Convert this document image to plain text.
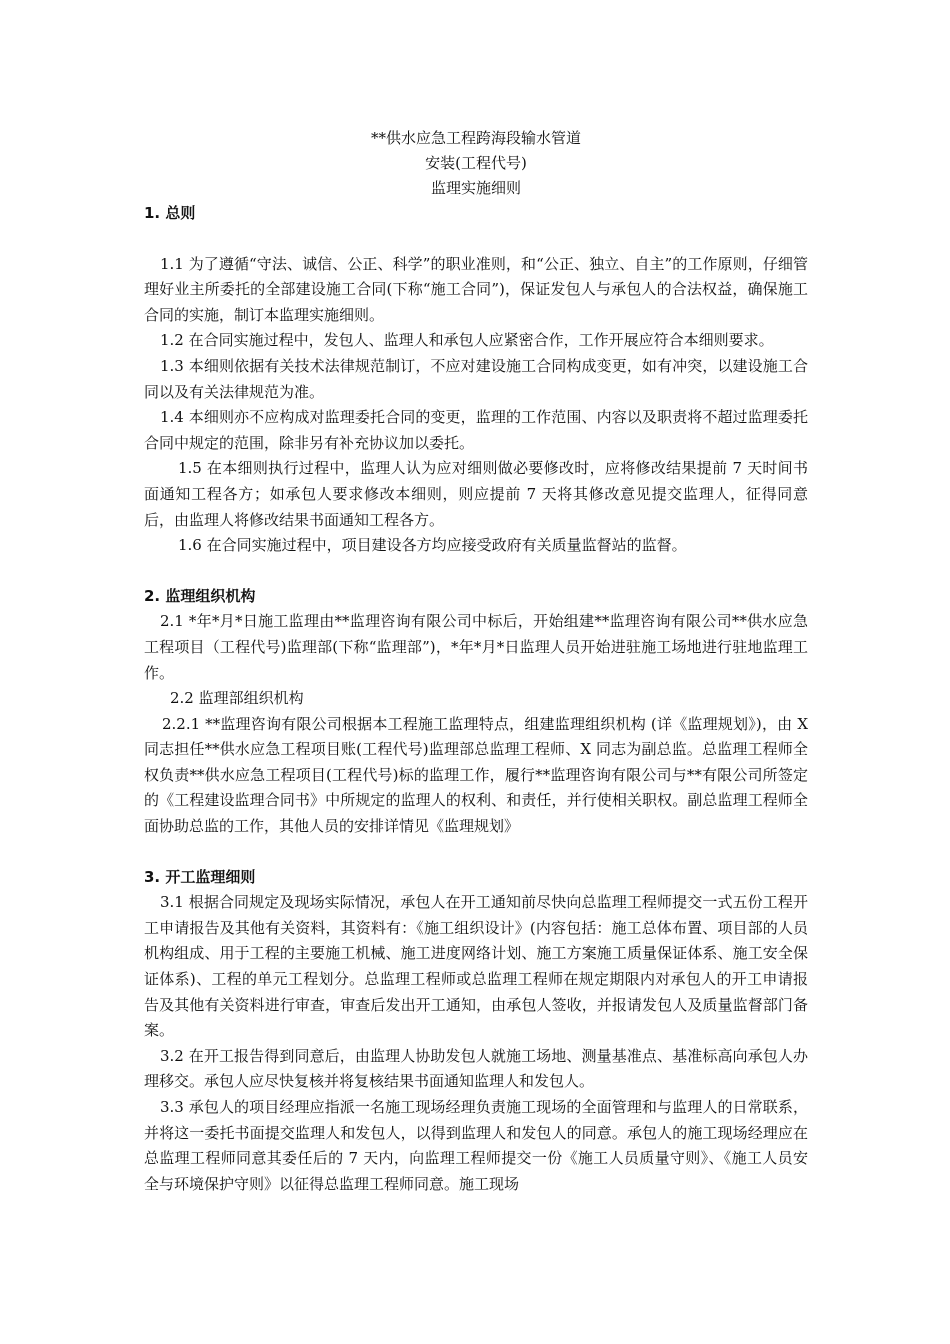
**供水应急工程跨海段输水管道
安装(工程代号)
监理实施细则
1. 总则

1.1 为了遵循“守法、诚信、公正、科学”的职业准则，和“公正、独立、自主”的工作原则，仔细管理好业主所委托的全部建设施工合同(下称“施工合同”)，保证发包人与承包人的合法权益，确保施工合同的实施，制订本监理实施细则。

1.2 在合同实施过程中，发包人、监理人和承包人应紧密合作，工作开展应符合本细则要求。

1.3 本细则依据有关技术法律规范制订，不应对建设施工合同构成变更，如有冲突，以建设施工合同以及有关法律规范为准。

1.4 本细则亦不应构成对监理委托合同的变更，监理的工作范围、内容以及职责将不超过监理委托合同中规定的范围，除非另有补充协议加以委托。

1.5 在本细则执行过程中，监理人认为应对细则做必要修改时，应将修改结果提前 7 天时间书面通知工程各方；如承包人要求修改本细则，则应提前 7 天将其修改意见提交监理人，征得同意后，由监理人将修改结果书面通知工程各方。

1.6 在合同实施过程中，项目建设各方均应接受政府有关质量监督站的监督。

2. 监理组织机构

2.1 *年*月*日施工监理由**监理咨询有限公司中标后，开始组建**监理咨询有限公司**供水应急工程项目（工程代号)监理部(下称“监理部”)，*年*月*日监理人员开始进驻施工场地进行驻地监理工作。

2.2 监理部组织机构

2.2.1 **监理咨询有限公司根据本工程施工监理特点，组建监理组织机构 (详《监理规划》)，由 X 同志担任**供水应急工程项目账(工程代号)监理部总监理工程师、X 同志为副总监。总监理工程师全权负责**供水应急工程项目(工程代号)标的监理工作，履行**监理咨询有限公司与**有限公司所签定的《工程建设监理合同书》中所规定的监理人的权利、和责任，并行使相关职权。副总监理工程师全面协助总监的工作，其他人员的安排详情见《监理规划》

3. 开工监理细则

3.1 根据合同规定及现场实际情况，承包人在开工通知前尽快向总监理工程师提交一式五份工程开工申请报告及其他有关资料，其资料有：《施工组织设计》(内容包括：施工总体布置、项目部的人员机构组成、用于工程的主要施工机械、施工进度网络计划、施工方案施工质量保证体系、施工安全保证体系)、工程的单元工程划分。总监理工程师或总监理工程师在规定期限内对承包人的开工申请报告及其他有关资料进行审查，审查后发出开工通知，由承包人签收，并报请发包人及质量监督部门备案。

3.2 在开工报告得到同意后，由监理人协助发包人就施工场地、测量基准点、基准标高向承包人办理移交。承包人应尽快复核并将复核结果书面通知监理人和发包人。

3.3 承包人的项目经理应指派一名施工现场经理负责施工现场的全面管理和与监理人的日常联系，并将这一委托书面提交监理人和发包人，以得到监理人和发包人的同意。承包人的施工现场经理应在总监理工程师同意其委任后的 7 天内，向监理工程师提交一份《施工人员质量守则》、《施工人员安全与环境保护守则》以征得总监理工程师同意。施工现场
